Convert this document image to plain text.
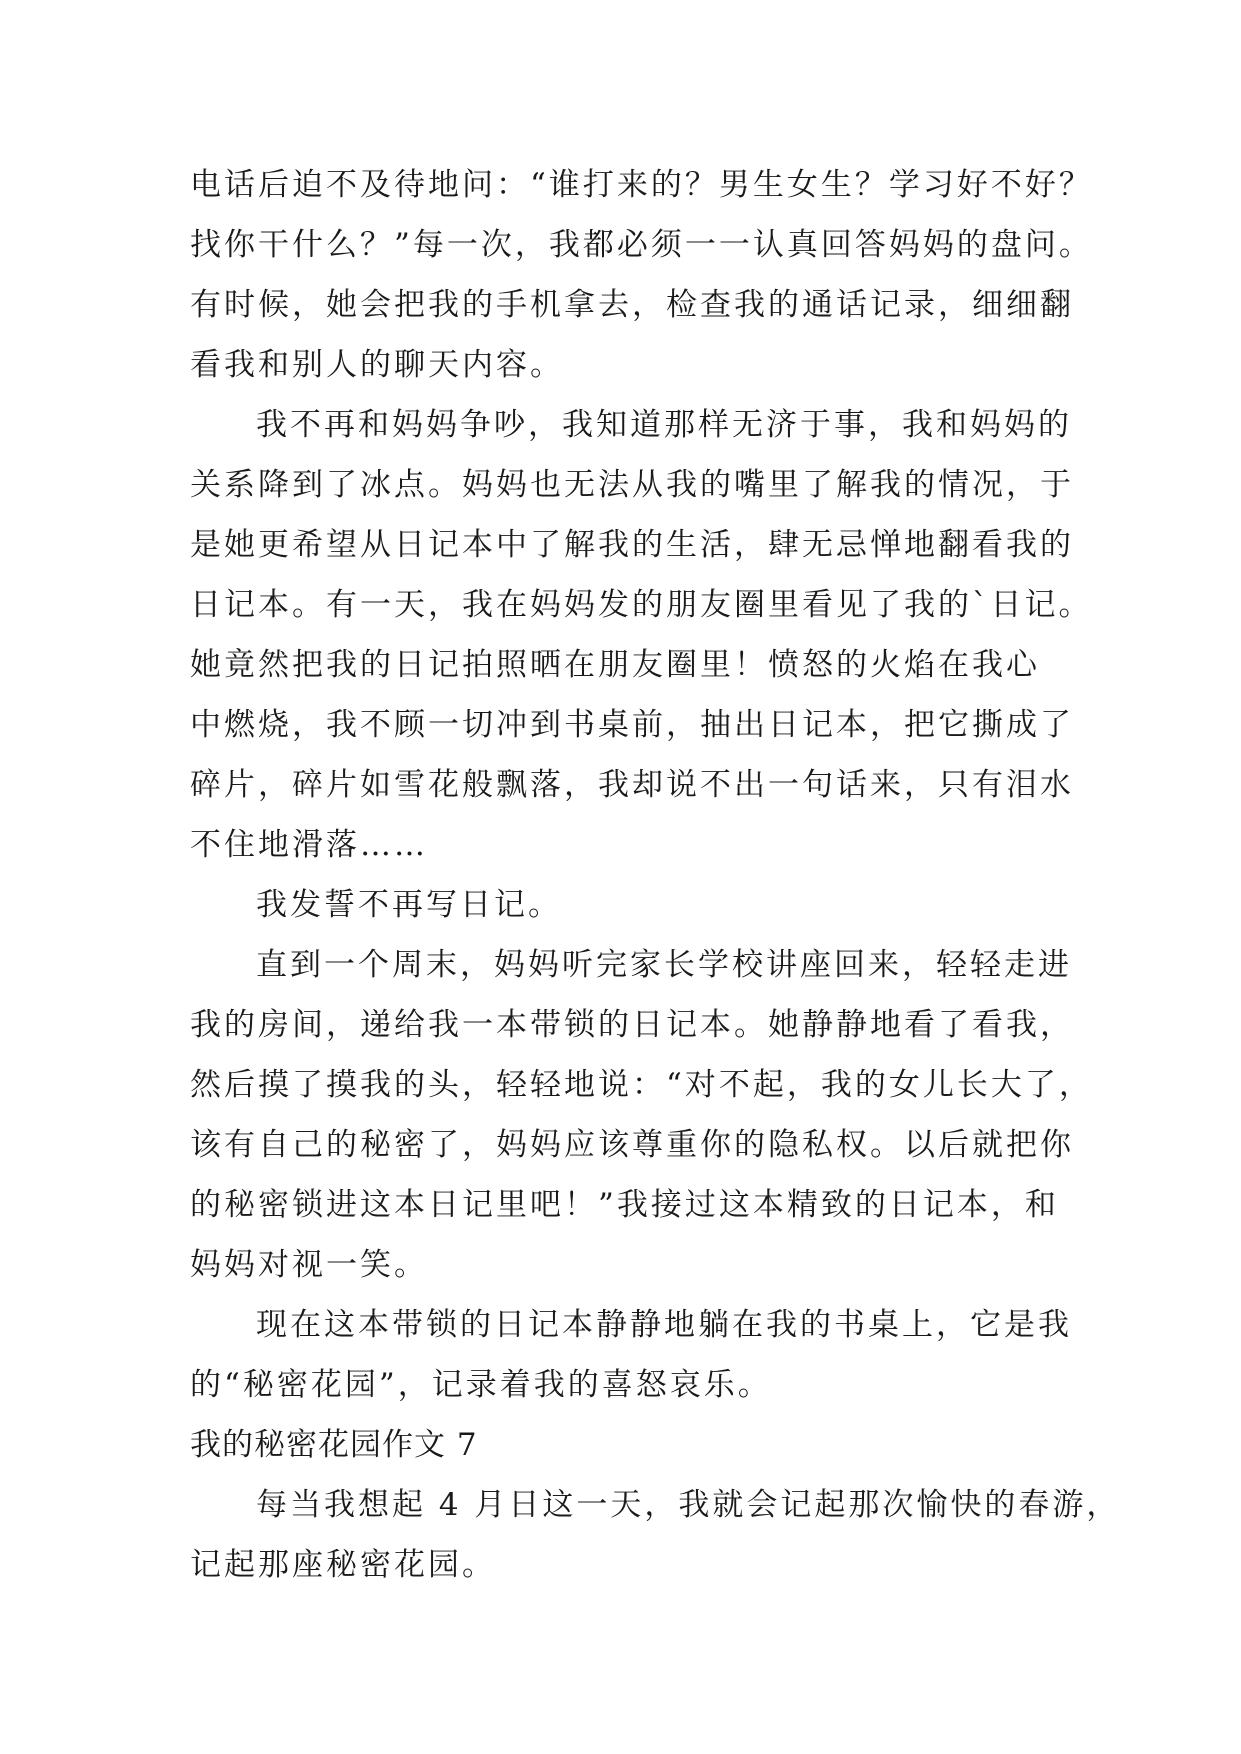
电话后迫不及待地问：“谁打来的？男生女生？学习好不好？
找你干什么？”每一次，我都必须一一认真回答妈妈的盘问。
有时候，她会把我的手机拿去，检查我的通话记录，细细翻
看我和别人的聊天内容。
我不再和妈妈争吵，我知道那样无济于事，我和妈妈的
关系降到了冰点。妈妈也无法从我的嘴里了解我的情况，于
是她更希望从日记本中了解我的生活，肆无忌惮地翻看我的
日记本。有一天，我在妈妈发的朋友圈里看见了我的`日记。
她竟然把我的日记拍照晒在朋友圈里！愤怒的火焰在我心
中燃烧，我不顾一切冲到书桌前，抽出日记本，把它撕成了
碎片，碎片如雪花般飘落，我却说不出一句话来，只有泪水
不住地滑落……
我发誓不再写日记。
直到一个周末，妈妈听完家长学校讲座回来，轻轻走进
我的房间，递给我一本带锁的日记本。她静静地看了看我，
然后摸了摸我的头，轻轻地说：“对不起，我的女儿长大了，
该有自己的秘密了，妈妈应该尊重你的隐私权。以后就把你
的秘密锁进这本日记里吧！”我接过这本精致的日记本，和
妈妈对视一笑。
现在这本带锁的日记本静静地躺在我的书桌上，它是我
的“秘密花园”，记录着我的喜怒哀乐。
我的秘密花园作文 7
每当我想起 4 月日这一天，我就会记起那次愉快的春游，
记起那座秘密花园。
